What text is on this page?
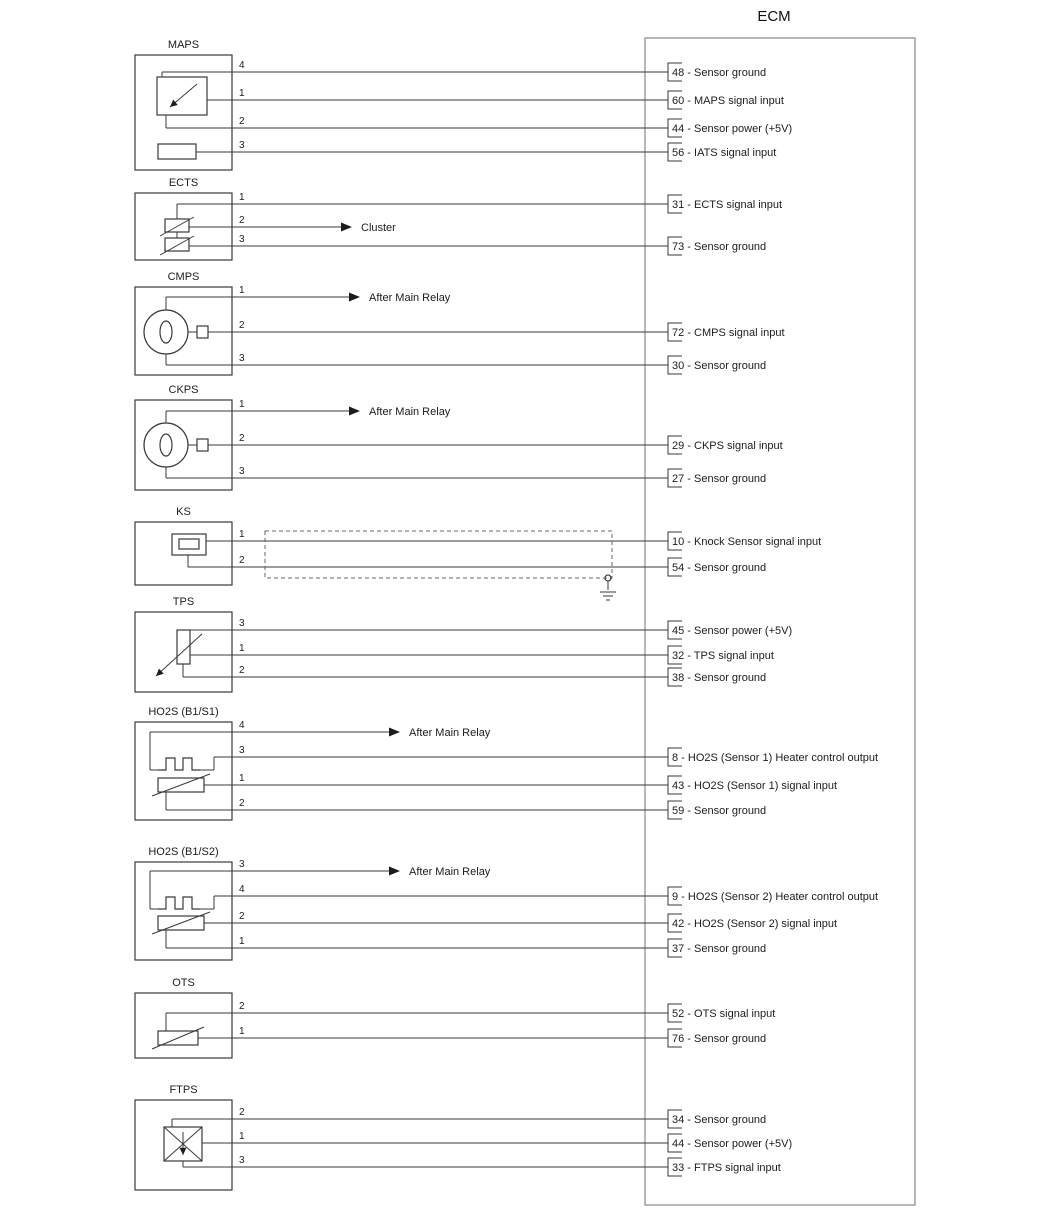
ECM
MAPS
4
48 - Sensor ground
1
60 - MAPS signal input
2
44 - Sensor power (+5V)
3
56 - IATS signal input
ECTS
1
31 - ECTS signal input
2
Cluster
3
73 - Sensor ground
CMPS
1
After Main Relay
2
72 - CMPS signal input
3
30 - Sensor ground
CKPS
1
After Main Relay
2
29 - CKPS signal input
3
27 - Sensor ground
KS
1
10 - Knock Sensor signal input
2
54 - Sensor ground
TPS
3
45 - Sensor power (+5V)
1
32 - TPS signal input
2
38 - Sensor ground
HO2S (B1/S1)
4
After Main Relay
3
8 - HO2S (Sensor 1) Heater control output
1
43 - HO2S (Sensor 1) signal input
2
59 - Sensor ground
HO2S (B1/S2)
3
After Main Relay
4
9 - HO2S (Sensor 2) Heater control output
2
42 - HO2S (Sensor 2) signal input
1
37 - Sensor ground
OTS
2
52 - OTS signal input
1
76 - Sensor ground
FTPS
2
34 - Sensor ground
1
44 - Sensor power (+5V)
3
33 - FTPS signal input
